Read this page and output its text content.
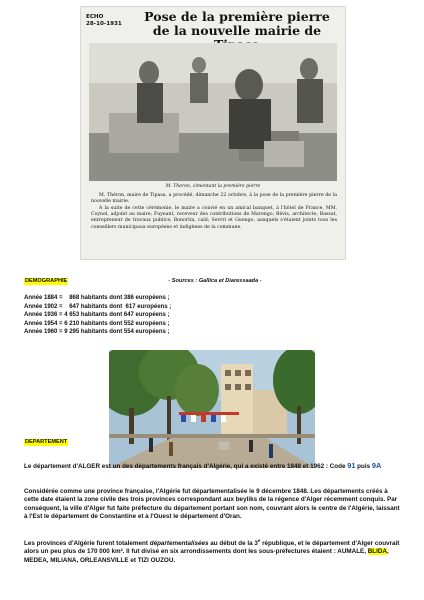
ECHO
28-10-1931	Pose de la première pierre
de la nouvelle mairie de
M. Theron, cimentant la première pierre

M. Théron, maire de Tipasa, a procédé, dimanche 22 octobre, à la pose de la première pierre de la nouvelle mairie.

A la suite de cette cérémonie, le maire a convié en un amical banquet, à l'hôtel de France, MM. Coynel, adjoint au maire; Fuyeant, receveur des contributions de Marengo; Bévis, architecte; Bassat, entrepreneur de travaux publics; Bonorita, caïd; Sevrri et Guengo, auxquels s'étaient joints tous les conseillers municipaux européens et indigènes de la commune.

DEMOGRAPHIE	- Sources : Gallica et Diaressaada -
Année 1884 =    868 habitants dont 386 européens ;
Année 1902 =    647 habitants dont  617 européens ;
Année 1936 = 4 653 habitants dont 647 européens ;
Année 1954 = 6 210 habitants dont 552 européens ;
Année 1960 = 9 295 habitants dont 554 européens ;
DEPARTEMENT
Le département d'ALGER est un des départements français d'Algérie, qui a existé entre 1848 et 1962 : Code 91 puis 9A
Considérée comme une province française, l'Algérie fut départementalisée le 9 décembre 1848. Les départements créés à cette date étaient la zone civile des trois provinces correspondant aux beyliks de la régence d'Alger récemment conquis. Par conséquent, la ville d'Alger fut faite préfecture du département portant son nom, couvrant alors le centre de l'Algérie, laissant à l'Est le département de Constantine et à l'Ouest le département d'Oran.
Les provinces d'Algérie furent totalement départementalisées au début de la 3e république, et le département d'Alger couvrait alors un peu plus de 170 000 km². Il fut divisé en six arrondissements dont les sous-préfectures étaient : AUMALE, BLIDA, MEDEA, MILIANA, ORLEANSVILLE et TIZI OUZOU.
